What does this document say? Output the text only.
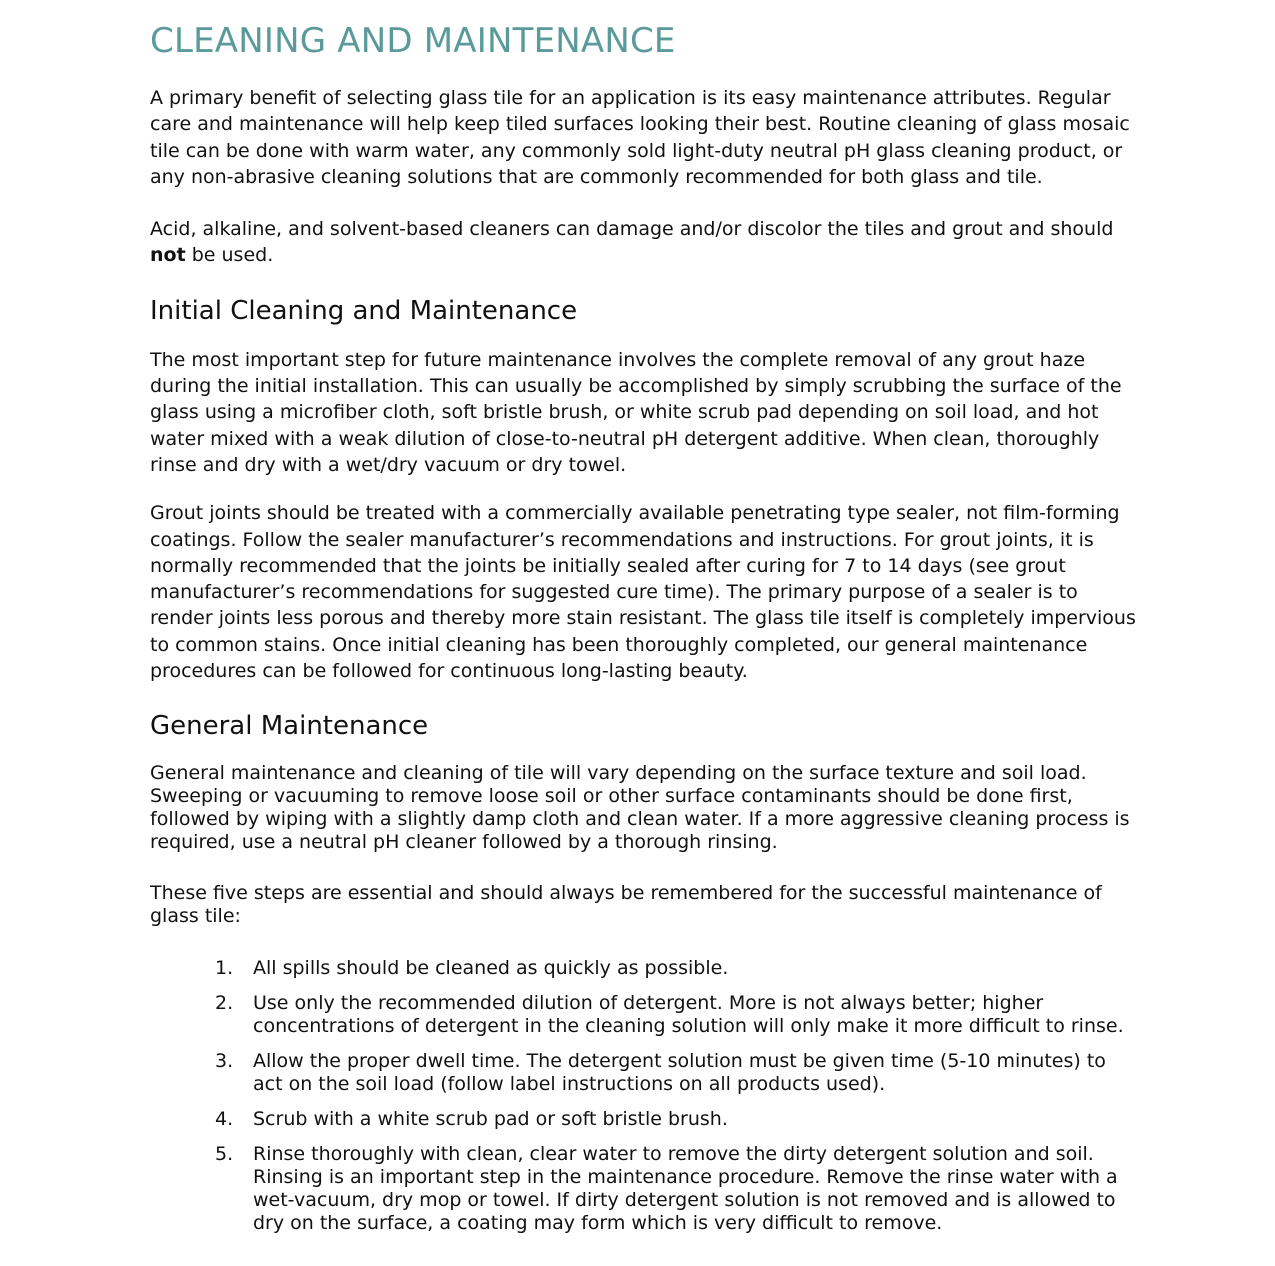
CLEANING AND MAINTENANCE

A primary benefit of selecting glass tile for an application is its easy maintenance attributes. Regular care and maintenance will help keep tiled surfaces looking their best. Routine cleaning of glass mosaic tile can be done with warm water, any commonly sold light-duty neutral pH glass cleaning product, or any non-abrasive cleaning solutions that are commonly recommended for both glass and tile.

Acid, alkaline, and solvent-based cleaners can damage and/or discolor the tiles and grout and should not be used.

Initial Cleaning and Maintenance

The most important step for future maintenance involves the complete removal of any grout haze during the initial installation. This can usually be accomplished by simply scrubbing the surface of the glass using a microfiber cloth, soft bristle brush, or white scrub pad depending on soil load, and hot water mixed with a weak dilution of close-to-neutral pH detergent additive. When clean, thoroughly rinse and dry with a wet/dry vacuum or dry towel.

Grout joints should be treated with a commercially available penetrating type sealer, not film-forming coatings. Follow the sealer manufacturer’s recommendations and instructions. For grout joints, it is normally recommended that the joints be initially sealed after curing for 7 to 14 days (see grout manufacturer’s recommendations for suggested cure time). The primary purpose of a sealer is to render joints less porous and thereby more stain resistant. The glass tile itself is completely impervious to common stains. Once initial cleaning has been thoroughly completed, our general maintenance procedures can be followed for continuous long-lasting beauty.

General Maintenance

General maintenance and cleaning of tile will vary depending on the surface texture and soil load. Sweeping or vacuuming to remove loose soil or other surface contaminants should be done first, followed by wiping with a slightly damp cloth and clean water. If a more aggressive cleaning process is required, use a neutral pH cleaner followed by a thorough rinsing.

These five steps are essential and should always be remembered for the successful maintenance of glass tile:

1. All spills should be cleaned as quickly as possible.
2. Use only the recommended dilution of detergent. More is not always better; higher concentrations of detergent in the cleaning solution will only make it more difficult to rinse.
3. Allow the proper dwell time. The detergent solution must be given time (5-10 minutes) to act on the soil load (follow label instructions on all products used).
4. Scrub with a white scrub pad or soft bristle brush.
5. Rinse thoroughly with clean, clear water to remove the dirty detergent solution and soil. Rinsing is an important step in the maintenance procedure. Remove the rinse water with a wet-vacuum, dry mop or towel. If dirty detergent solution is not removed and is allowed to dry on the surface, a coating may form which is very difficult to remove.
